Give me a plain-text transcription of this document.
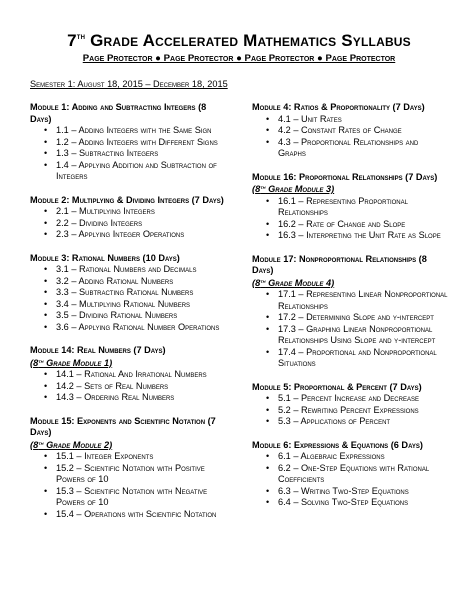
7th Grade Accelerated Mathematics Syllabus
Page Protector ● Page Protector ● Page Protector ● Page Protector
Semester 1: August 18, 2015 – December 18, 2015
Module 1: Adding and Subtracting Integers (8 Days)
• 1.1 – Adding Integers with the Same Sign
• 1.2 – Adding Integers with Different Signs
• 1.3 – Subtracting Integers
• 1.4 – Applying Addition and Subtraction of Integers
Module 2: Multiplying & Dividing Integers (7 Days)
• 2.1 – Multiplying Integers
• 2.2 – Dividing Integers
• 2.3 – Applying Integer Operations
Module 3: Rational Numbers (10 Days)
• 3.1 – Rational Numbers and Decimals
• 3.2 – Adding Rational Numbers
• 3.3 – Subtracting Rational Numbers
• 3.4 – Multiplying Rational Numbers
• 3.5 – Dividing Rational Numbers
• 3.6 – Applying Rational Number Operations
Module 14: Real Numbers (7 Days)
(8th Grade Module 1)
• 14.1 – Rational And Irrational Numbers
• 14.2 – Sets of Real Numbers
• 14.3 – Ordering Real Numbers
Module 15: Exponents and Scientific Notation (7 Days)
(8th Grade Module 2)
• 15.1 – Integer Exponents
• 15.2 – Scientific Notation with Positive Powers of 10
• 15.3 – Scientific Notation with Negative Powers of 10
• 15.4 – Operations with Scientific Notation
Module 4: Ratios & Proportionality (7 Days)
• 4.1 – Unit Rates
• 4.2 – Constant Rates of Change
• 4.3 – Proportional Relationships and Graphs
Module 16: Proportional Relationships (7 Days)
(8th Grade Module 3)
• 16.1 – Representing Proportional Relationships
• 16.2 – Rate of Change and Slope
• 16.3 – Interpreting the Unit Rate as Slope
Module 17: Nonproportional Relationships (8 Days)
(8th Grade Module 4)
• 17.1 – Representing Linear Nonproportional Relationships
• 17.2 – Determining Slope and y-intercept
• 17.3 – Graphing Linear Nonproportional Relationships Using Slope and y-intercept
• 17.4 – Proportional and Nonproportional Situations
Module 5: Proportional & Percent (7 Days)
• 5.1 – Percent Increase and Decrease
• 5.2 – Rewriting Percent Expressions
• 5.3 – Applications of Percent
Module 6: Expressions & Equations (6 Days)
• 6.1 – Algebraic Expressions
• 6.2 – One-Step Equations with Rational Coefficients
• 6.3 – Writing Two-Step Equations
• 6.4 – Solving Two-Step Equations
